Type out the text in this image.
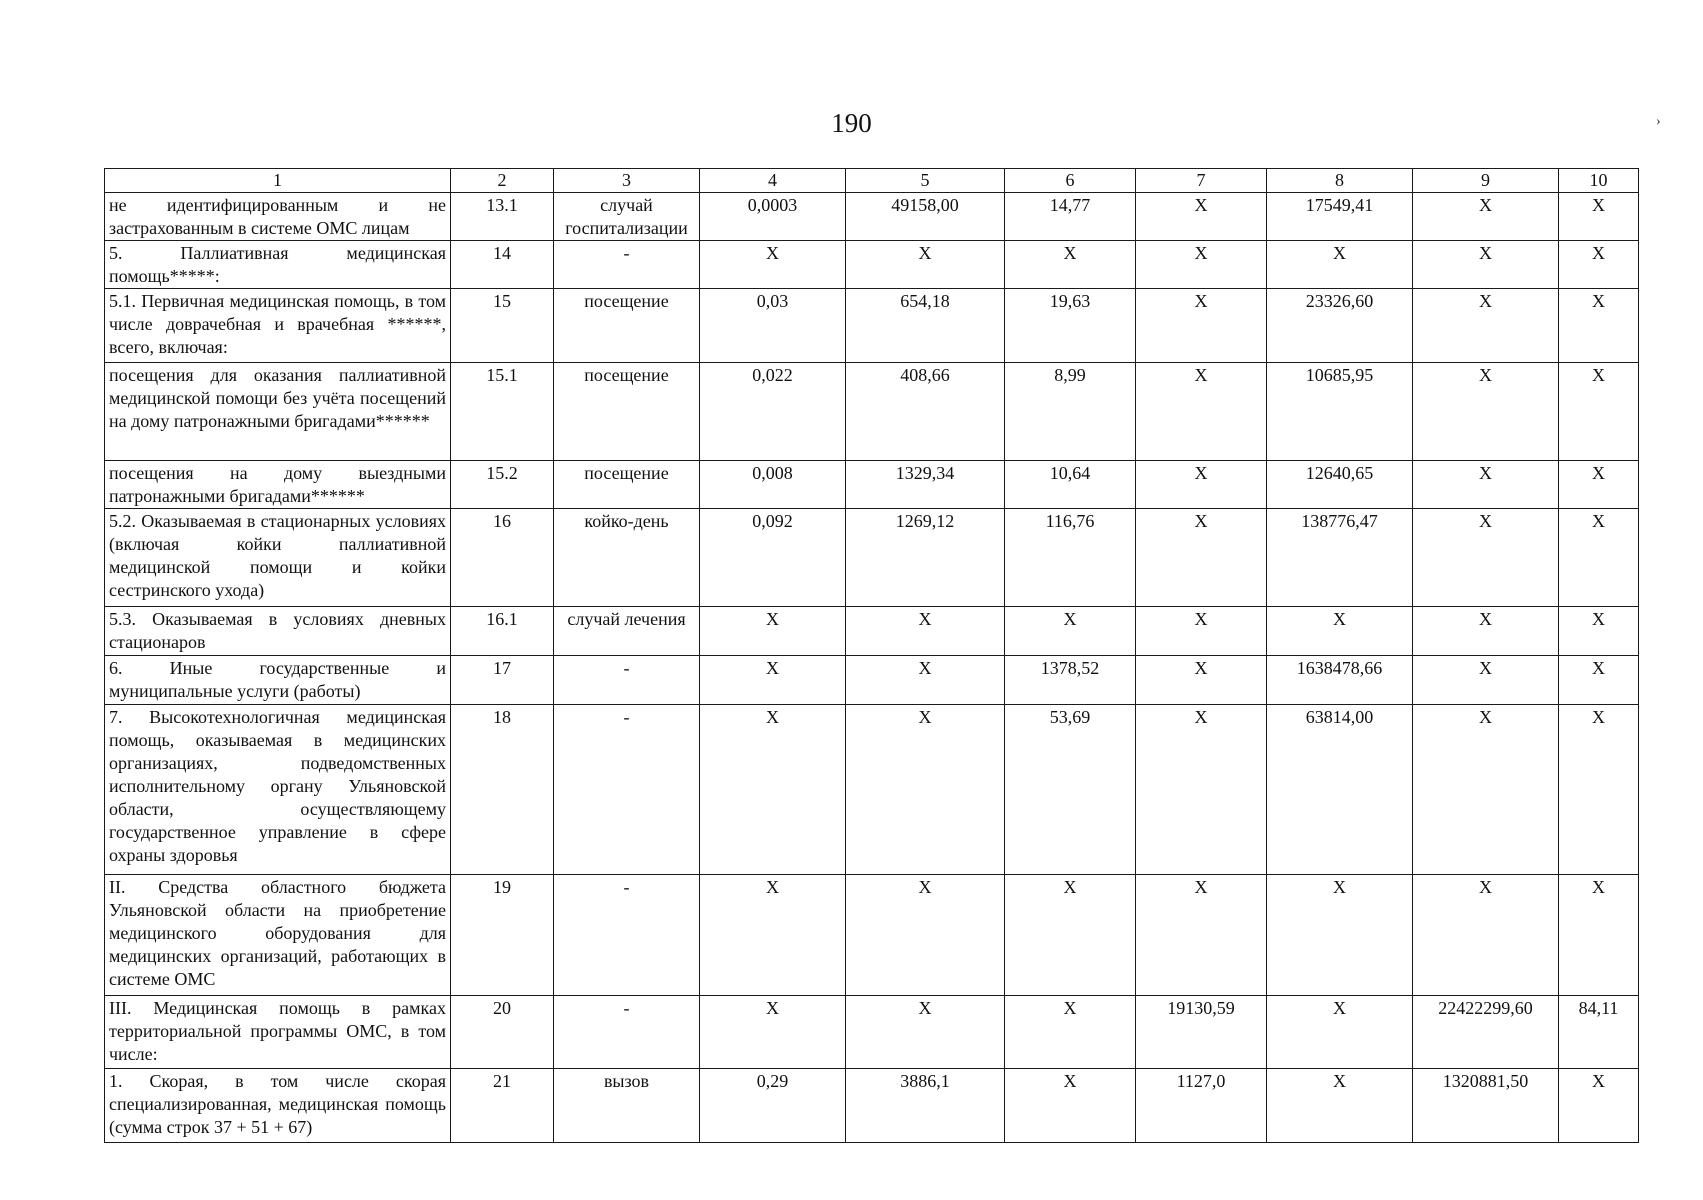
190	›
1	2	3	4	5	6	7	8	9	10
не идентифицированным и не застрахованным в системе ОМС лицам	13.1	случай госпитализации	0,0003	49158,00	14,77	X	17549,41	X	X
5. Паллиативная медицинская помощь*****:	14	-	X	X	X	X	X	X	X
5.1. Первичная медицинская помощь, в том числе доврачебная и врачебная ******, всего, включая:	15	посещение	0,03	654,18	19,63	X	23326,60	X	X
посещения для оказания паллиативной медицинской помощи без учёта посещений на дому патронажными бригадами******	15.1	посещение	0,022	408,66	8,99	X	10685,95	X	X
посещения на дому выездными патронажными бригадами******	15.2	посещение	0,008	1329,34	10,64	X	12640,65	X	X
5.2. Оказываемая в стационарных условиях (включая койки паллиативной медицинской помощи и койки сестринского ухода)	16	койко-день	0,092	1269,12	116,76	X	138776,47	X	X
5.3. Оказываемая в условиях дневных стационаров	16.1	случай лечения	X	X	X	X	X	X	X
6. Иные государственные и муниципальные услуги (работы)	17	-	X	X	1378,52	X	1638478,66	X	X
7. Высокотехнологичная медицинская помощь, оказываемая в медицинских организациях, подведомственных исполнительному органу Ульяновской области, осуществляющему государственное управление в сфере охраны здоровья	18	-	X	X	53,69	X	63814,00	X	X
II. Средства областного бюджета Ульяновской области на приобретение медицинского оборудования для медицинских организаций, работающих в системе ОМС	19	-	X	X	X	X	X	X	X
III. Медицинская помощь в рамках территориальной программы ОМС, в том числе:	20	-	X	X	X	19130,59	X	22422299,60	84,11
1. Скорая, в том числе скорая специализированная, медицинская помощь (сумма строк 37 + 51 + 67)	21	вызов	0,29	3886,1	X	1127,0	X	1320881,50	X
